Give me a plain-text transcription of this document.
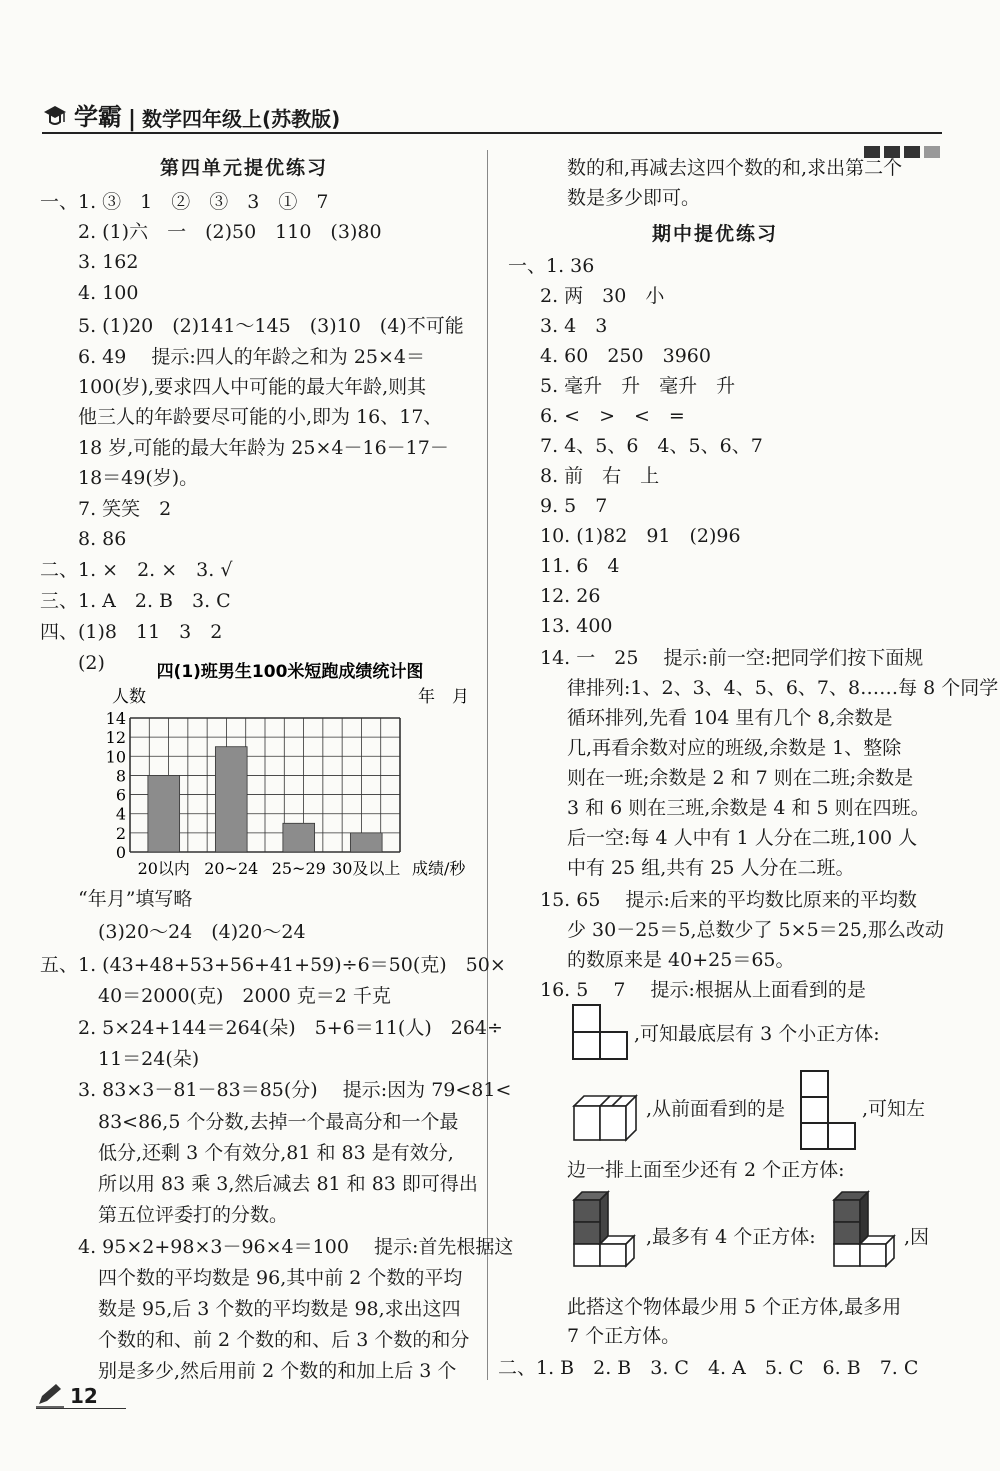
学霸 | 数学四年级上(苏教版)
第四单元提优练习
一、1. ③　1　②　③　3　①　7
2. (1)六　一　(2)50　110　(3)80
3. 162
4. 100
5. (1)20　(2)141～145　(3)10　(4)不可能
6. 49　 提示:四人的年龄之和为 25×4＝
100(岁),要求四人中可能的最大年龄,则其
他三人的年龄要尽可能的小,即为 16、17、
18 岁,可能的最大年龄为 25×4－16－17－
18＝49(岁)。
7. 笑笑　2
8. 86
二、1. ×　2. ×　3. √
三、1. A　2. B　3. C
四、(1)8　11　3　2
(2)	四(1)班男生100米短跑成绩统计图
人数	年　月
0
2
4
6
8
10
12
14
20以内 20~24 25~29 30及以上 成绩/秒
“年月”填写略
(3)20～24　(4)20～24
五、1. (43+48+53+56+41+59)÷6＝50(克)　50×
40＝2000(克)　2000 克＝2 千克
2. 5×24+144＝264(朵)　5+6＝11(人)　264÷
11＝24(朵)
3. 83×3－81－83＝85(分)　 提示:因为 79<81<
83<86,5 个分数,去掉一个最高分和一个最
低分,还剩 3 个有效分,81 和 83 是有效分,
所以用 83 乘 3,然后减去 81 和 83 即可得出
第五位评委打的分数。
4. 95×2+98×3－96×4＝100　 提示:首先根据这
四个数的平均数是 96,其中前 2 个数的平均
数是 95,后 3 个数的平均数是 98,求出这四
个数的和、前 2 个数的和、后 3 个数的和分
别是多少,然后用前 2 个数的和加上后 3 个
12
数的和,再减去这四个数的和,求出第二个
数是多少即可。
期中提优练习
一、1. 36
2. 两　30　小
3. 4　3
4. 60　250　3960
5. 毫升　升　毫升　升
6. <　>　<　=
7. 4、5、6　4、5、6、7
8. 前　右　上
9. 5　7
10. (1)82　91　(2)96
11. 6　4
12. 26
13. 400
14. 一　25　 提示:前一空:把同学们按下面规
律排列:1、2、3、4、5、6、7、8……每 8 个同学
循环排列,先看 104 里有几个 8,余数是
几,再看余数对应的班级,余数是 1、整除
则在一班;余数是 2 和 7 则在二班;余数是
3 和 6 则在三班,余数是 4 和 5 则在四班。
后一空:每 4 人中有 1 人分在二班,100 人
中有 25 组,共有 25 人分在二班。
15. 65　 提示:后来的平均数比原来的平均数
少 30－25＝5,总数少了 5×5＝25,那么改动
的数原来是 40+25＝65。
16. 5　 7　 提示:根据从上面看到的是
,可知最底层有 3 个小正方体:
,从前面看到的是	,可知左
边一排上面至少还有 2 个正方体:
,最多有 4 个正方体:	,因
此搭这个物体最少用 5 个正方体,最多用
7 个正方体。
二、1. B　2. B　3. C　4. A　5. C　6. B　7. C
